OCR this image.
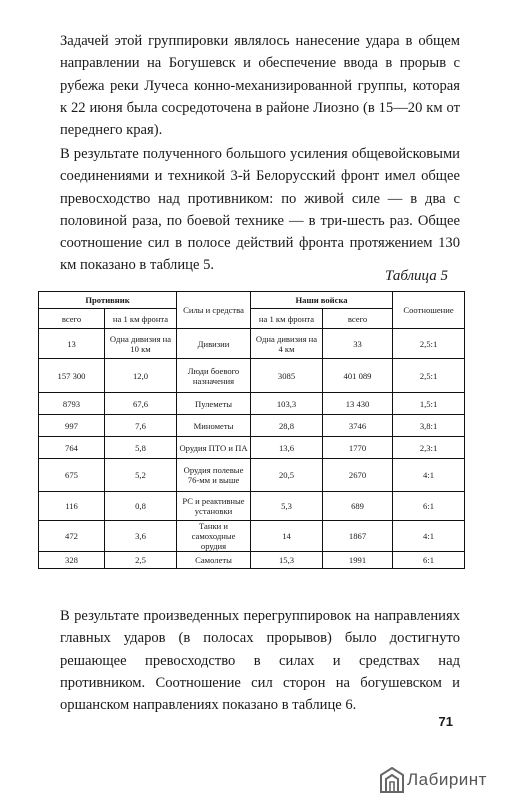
Задачей этой группировки являлось нанесение удара в общем направлении на Богушевск и обеспечение ввода в прорыв с рубежа реки Лучеса конно-механизированной группы, которая к 22 июня была сосредоточена в районе Лиозно (в 15—20 км от переднего края).

В результате полученного большого усиления общевойсковыми соединениями и техникой 3-й Белорусский фронт имел общее превосходство над противником: по живой силе — в два с половиной раза, по боевой технике — в три-шесть раз. Общее соотношение сил в полосе действий фронта протяжением 130 км показано в таблице 5.

Таблица 5
Противник		Силы и средства	Наши войска		Соотношение
всего	на 1 км фронта		на 1 км фронта	всего	
13	Одна дивизия на 10 км	Дивизии	Одна дивизия на 4 км	33	2,5:1
157 300	12,0	Люди боевого назначения	3085	401 089	2,5:1
8793	67,6	Пулеметы	103,3	13 430	1,5:1
997	7,6	Минометы	28,8	3746	3,8:1
764	5,8	Орудия ПТО и ПА	13,6	1770	2,3:1
675	5,2	Орудия полевые 76-мм и выше	20,5	2670	4:1
116	0,8	РС и реактивные установки	5,3	689	6:1
472	3,6	Танки и самоходные орудия	14	1867	4:1
328	2,5	Самолеты	15,3	1991	6:1

В результате произведенных перегруппировок на направлениях главных ударов (в полосах прорывов) было достигнуто решающее превосходство в силах и средствах над противником. Соотношение сил сторон на богушевском и оршанском направлениях показано в таблице 6.

71
Лабиринт
